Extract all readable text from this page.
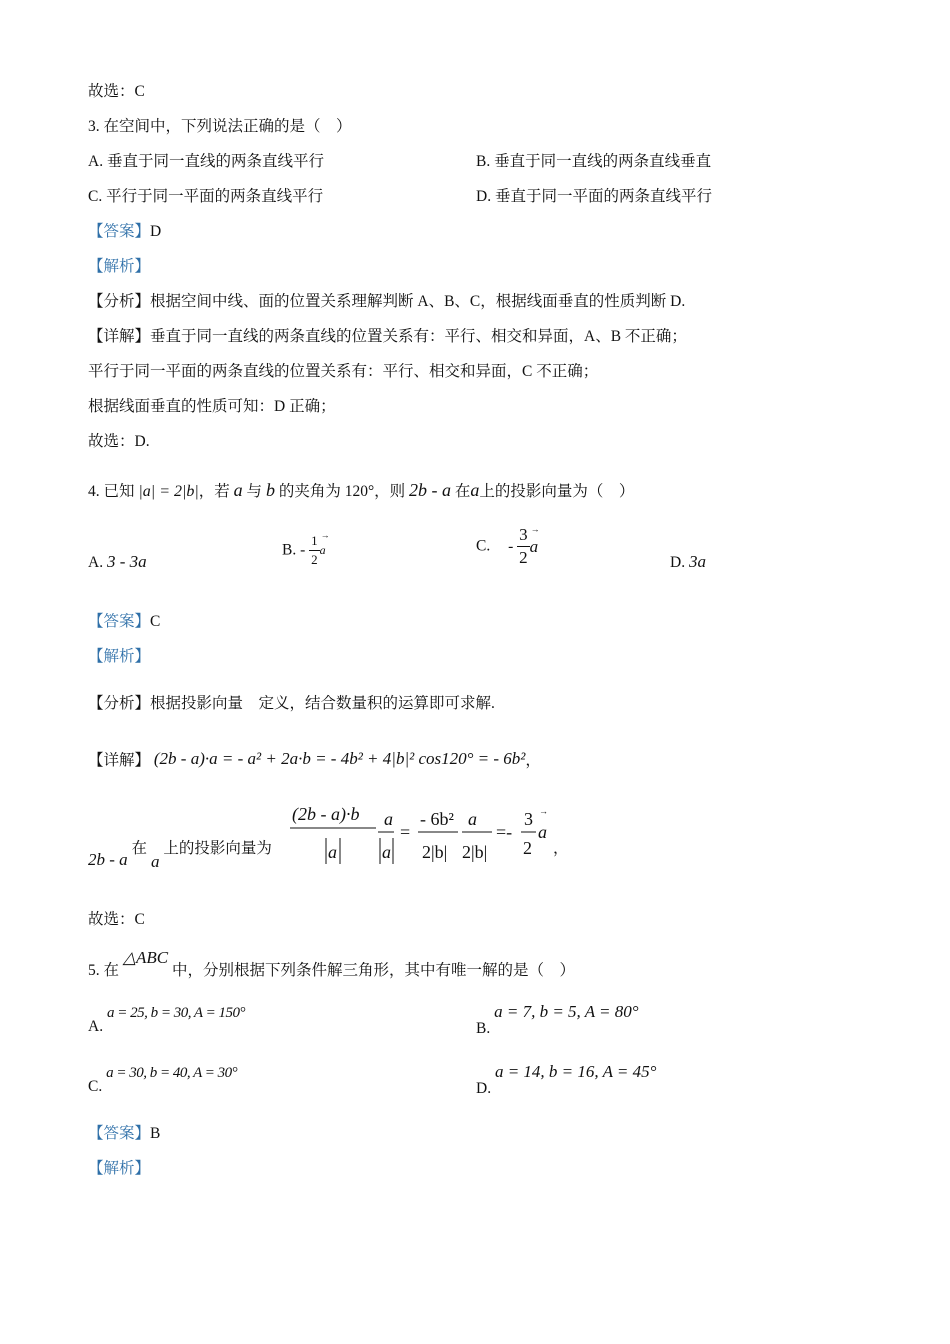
故选：C
3. 在空间中，下列说法正确的是（　）
A. 垂直于同一直线的两条直线平行	B. 垂直于同一直线的两条直线垂直
C. 平行于同一平面的两条直线平行	D. 垂直于同一平面的两条直线平行
【答案】D
【解析】
【分析】根据空间中线、面的位置关系理解判断 A、B、C，根据线面垂直的性质判断 D.
【详解】垂直于同一直线的两条直线的位置关系有：平行、相交和异面，A、B 不正确；
平行于同一平面的两条直线的位置关系有：平行、相交和异面，C 不正确；
根据线面垂直的性质可知：D 正确；
故选：D.
4. 已知 |a| = 2|b|，若 a 与 b 的夹角为 120°，则 2b - a 在a上的投影向量为（　）
A. 3 - 3a
B. - $\frac{1}{2}$
→ a	C. - $\frac{3}{2}$
→ a
D. 3a
【答案】C
【解析】
【分析】根据投影向量　定义，结合数量积的运算即可求解.
【详解】 (2b - a)·a = - a² + 2a·b = - 4b² + 4|b|² cos120° = - 6b²，
2b - a 在 a 上的投影向量为
(2b - a)·b
a
a
a
=
- 6b²
2|b|
a
2|b|
=-
3
2
a
→
，
故选：C
5. 在 △ABC 中，分别根据下列条件解三角形，其中有唯一解的是（　）
A. a = 25, b = 30, A = 150°
B. a = 7, b = 5, A = 80°
C. a = 30, b = 40, A = 30°
D. a = 14, b = 16, A = 45°
【答案】B
【解析】
